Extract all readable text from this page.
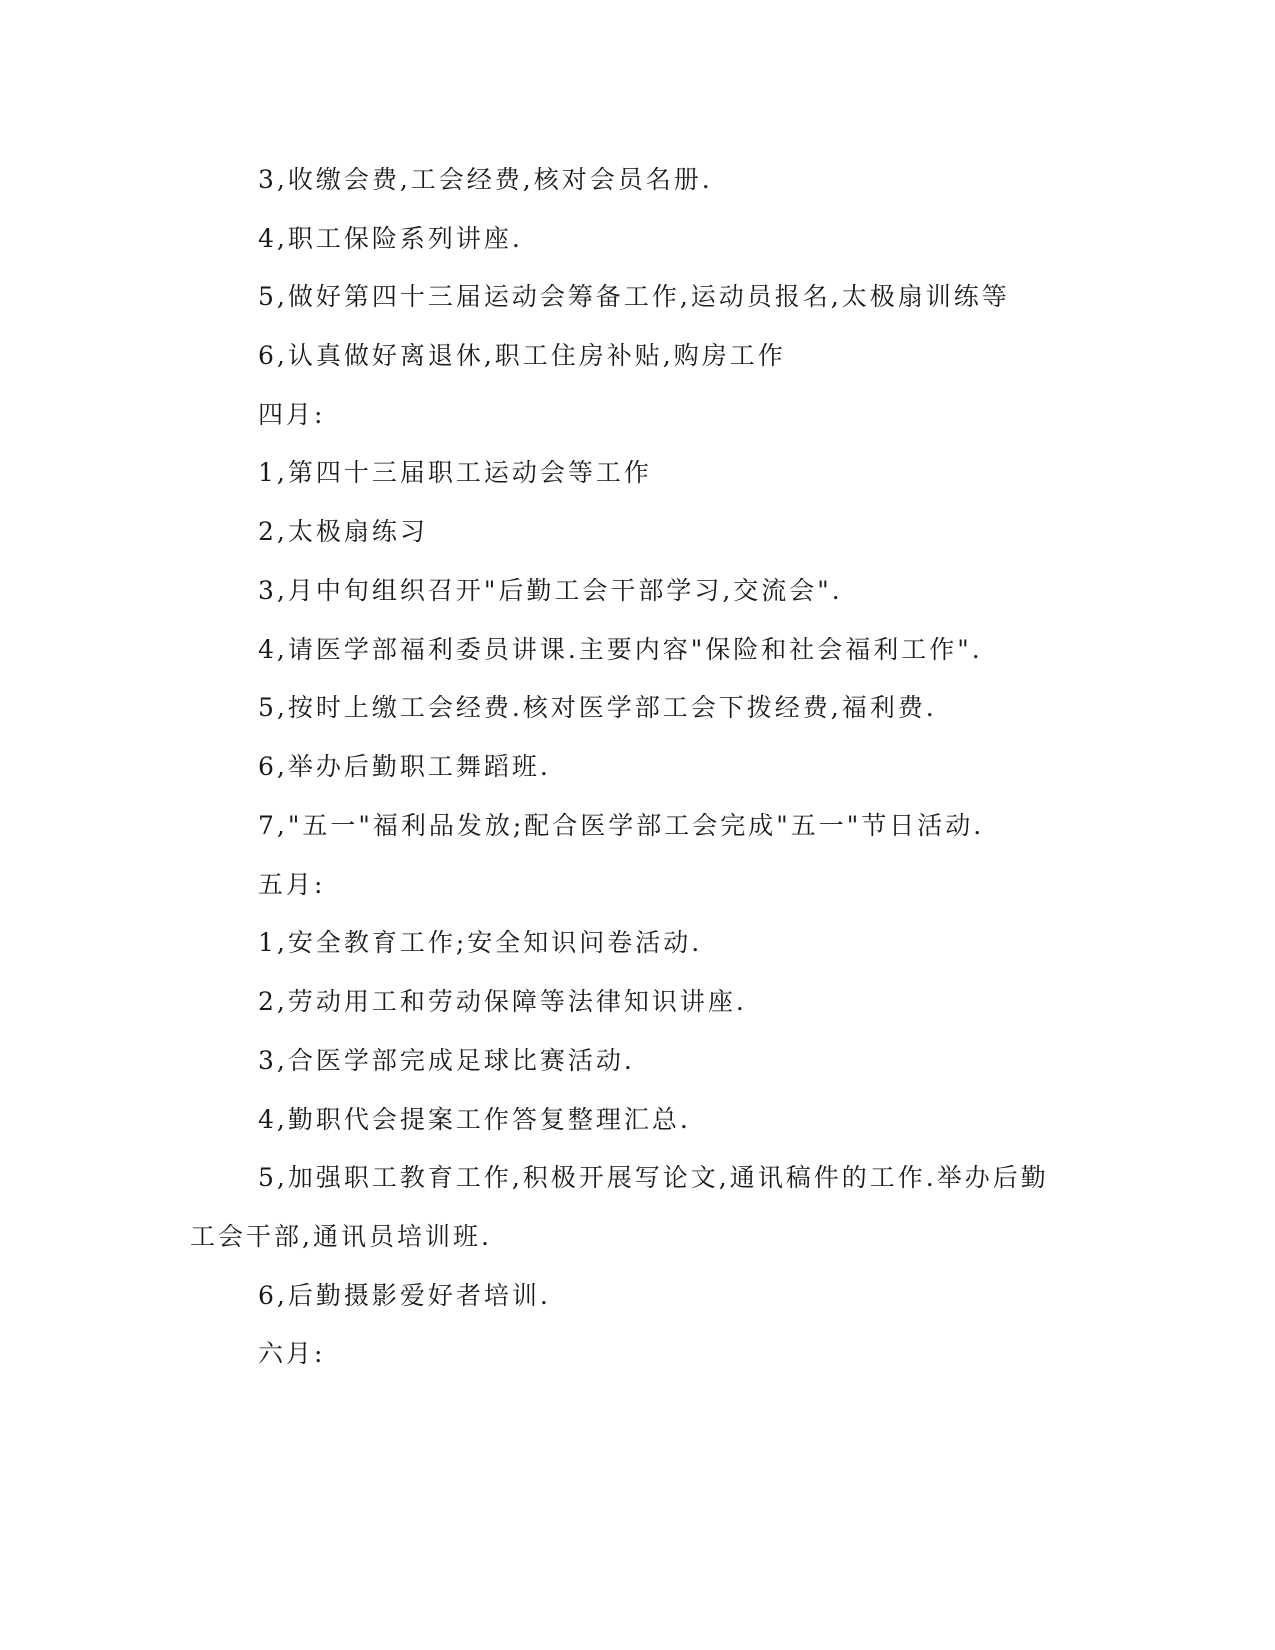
3,收缴会费,工会经费,核对会员名册.
4,职工保险系列讲座.
5,做好第四十三届运动会筹备工作,运动员报名,太极扇训练等
6,认真做好离退休,职工住房补贴,购房工作
四月:
1,第四十三届职工运动会等工作
2,太极扇练习
3,月中旬组织召开"后勤工会干部学习,交流会".
4,请医学部福利委员讲课.主要内容"保险和社会福利工作".
5,按时上缴工会经费.核对医学部工会下拨经费,福利费.
6,举办后勤职工舞蹈班.
7,"五一"福利品发放;配合医学部工会完成"五一"节日活动.
五月:
1,安全教育工作;安全知识问卷活动.
2,劳动用工和劳动保障等法律知识讲座.
3,合医学部完成足球比赛活动.
4,勤职代会提案工作答复整理汇总.
5,加强职工教育工作,积极开展写论文,通讯稿件的工作.举办后勤
工会干部,通讯员培训班.
6,后勤摄影爱好者培训.
六月:
